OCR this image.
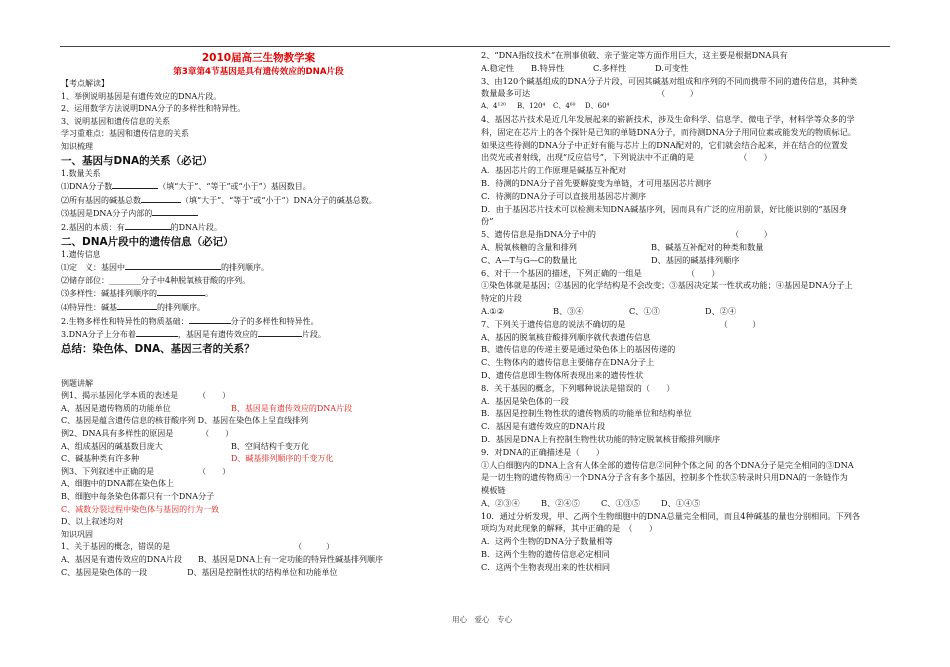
2010届高三生物教学案
第3章第4节基因是具有遗传效应的DNA片段
【考点解读】
1、举例说明基因是有遗传效应的DNA片段。
2、运用数学方法说明DNA分子的多样性和特异性。
3、说明基因和遗传信息的关系
学习重难点：基因和遗传信息的关系
知识梳理
一、基因与DNA的关系（必记）
1.数量关系
⑴DNA分子数	（填“大于”、“等于”或“小于”）基因数目。
⑵所有基因的碱基总数	（填“大于”、“等于”或“小于”）DNA分子的碱基总数。
⑶基因是DNA分子内部的
2.基因的本质：有	的DNA片段。
二、DNA片段中的遗传信息（必记）
1.遗传信息
⑴定　义：基因中	的排列顺序。
⑵储存部位：________分子中4种脱氧核苷酸的序列。
⑶多样性：碱基排列顺序的	。
⑷特异性：碱基	的排列顺序。
2.生物多样性和特异性的物质基础：	分子的多样性和特异性。
3.DNA分子上分布着	，基因是有遗传效应的	片段。
总结：染色体、DNA、基因三者的关系？
例题讲解
例1、揭示基因化学本质的表述是　　　（　　）
A、基因是遗传物质的功能单位	B、基因是有遗传效应的DNA片段
C、基因是蕴含遗传信息的核苷酸序列 D、基因在染色体上呈直线排列
例2、DNA具有多样性的原因是　　　　（　　）
A、组成基因的碱基数目庞大	B、空间结构千变万化
C、碱基种类有许多种	D、碱基排列顺序的千变万化
例3、下列叙述中正确的是　　　　　　（　　）
A、细胞中的DNA都在染色体上
B、细胞中每条染色体都只有一个DNA分子
C、减数分裂过程中染色体与基因的行为一致
D、以上叙述均对
知识巩固
1、关于基因的概念，错误的是　　　　　　　　　　　　　　　　（　　　）
A、基因是有遗传效应的DNA片段　　B、基因是DNA上有一定功能的特异性碱基排列顺序
C、基因是染色体的一段　　　　　D、基因是控制性状的结构单位和功能单位
2、“DNA指纹技术”在刑事侦破、亲子鉴定等方面作用巨大，这主要是根据DNA具有
A.稳定性	B.特异性	C.多样性	D.可变性
3、由120个碱基组成的DNA分子片段，可因其碱基对组成和序列的不同而携带不同的遗传信息，其种类
数量最多可达　　　　　　　　　　　　　　　　（　　　）
A、4¹²⁰	B、120⁴	C、4⁶⁰	D、60⁴
4、基因芯片技术是近几年发展起来的崭新技术，涉及生命科学、信息学、微电子学，材料学等众多的学
科，固定在芯片上的各个探针是已知的单链DNA分子，而待测DNA分子用同位素或能发光的物质标记。
如果这些待测的DNA分子中正好有能与芯片上的DNA配对的，它们就会结合起来，并在结合的位置发
出荧光或者射线，出现“反应信号”，下列说法中不正确的是　　　　　　（　　）
A．基因芯片的工作原理是碱基互补配对
B．待测的DNA分子首先要解旋变为单链，才可用基因芯片测序
C．待测的DNA分子可以直接用基因芯片测序
D．由于基因芯片技术可以检测未知DNA碱基序列，因而具有广泛的应用前景，好比能识别的“基因身
份”
5、遗传信息是指DNA分子中的　　　　　　　　　　　　　　　　　（　　　）
A、脱氧核糖的含量和排列	B、碱基互补配对的种类和数量
C、A—T与G—C的数量比	D、基因的碱基排列顺序
6、对于一个基因的描述，下列正确的一组是　　　　　　（　　）
①染色体就是基因；②基因的化学结构是不会改变；③基因决定某一性状或功能；④基因是DNA分子上
特定的片段
A.①②	B、③④	C、①③	D、②④
7、下列关于遗传信息的说法不确切的是　　　　　　　　　　　　（　　　）
A、基因的脱氧核苷酸排列顺序就代表遗传信息
B、遗传信息的传递主要是通过染色体上的基因传递的
C、生物体内的遗传信息主要储存在DNA分子上
D、遗传信息即生物体所表现出来的遗传性状
8．关于基因的概念，下列哪种说法是错误的（　　）
A．基因是染色体的一段
B．基因是控制生物性状的遗传物质的功能单位和结构单位
C．基因是有遗传效应的DNA片段
D．基因是DNA上有控制生物性状功能的特定脱氧核苷酸排列顺序
9．对DNA的正确描述是（　　）
①人白细胞内的DNA上含有人体全部的遗传信息②同种个体之间 的各个DNA分子是完全相同的③DNA
是一切生物的遗传物质④一个DNA分子含有多个基因，控制多个性状⑤转录时只用DNA的一条链作为
模板链
A、②③④	B、②④⑤	C、①③⑤	D、①④⑤
10．通过分析发现，甲、乙两个生物细胞中的DNA总量完全相同，而且4种碱基的量也分别相同。下列各
项均为对此现象的解释，其中正确的是　（　　）
A．这两个生物的DNA分子数量相等
B．这两个生物的遗传信息必定相同
C．这两个生物表现出来的性状相同
用心　爱心　专心
